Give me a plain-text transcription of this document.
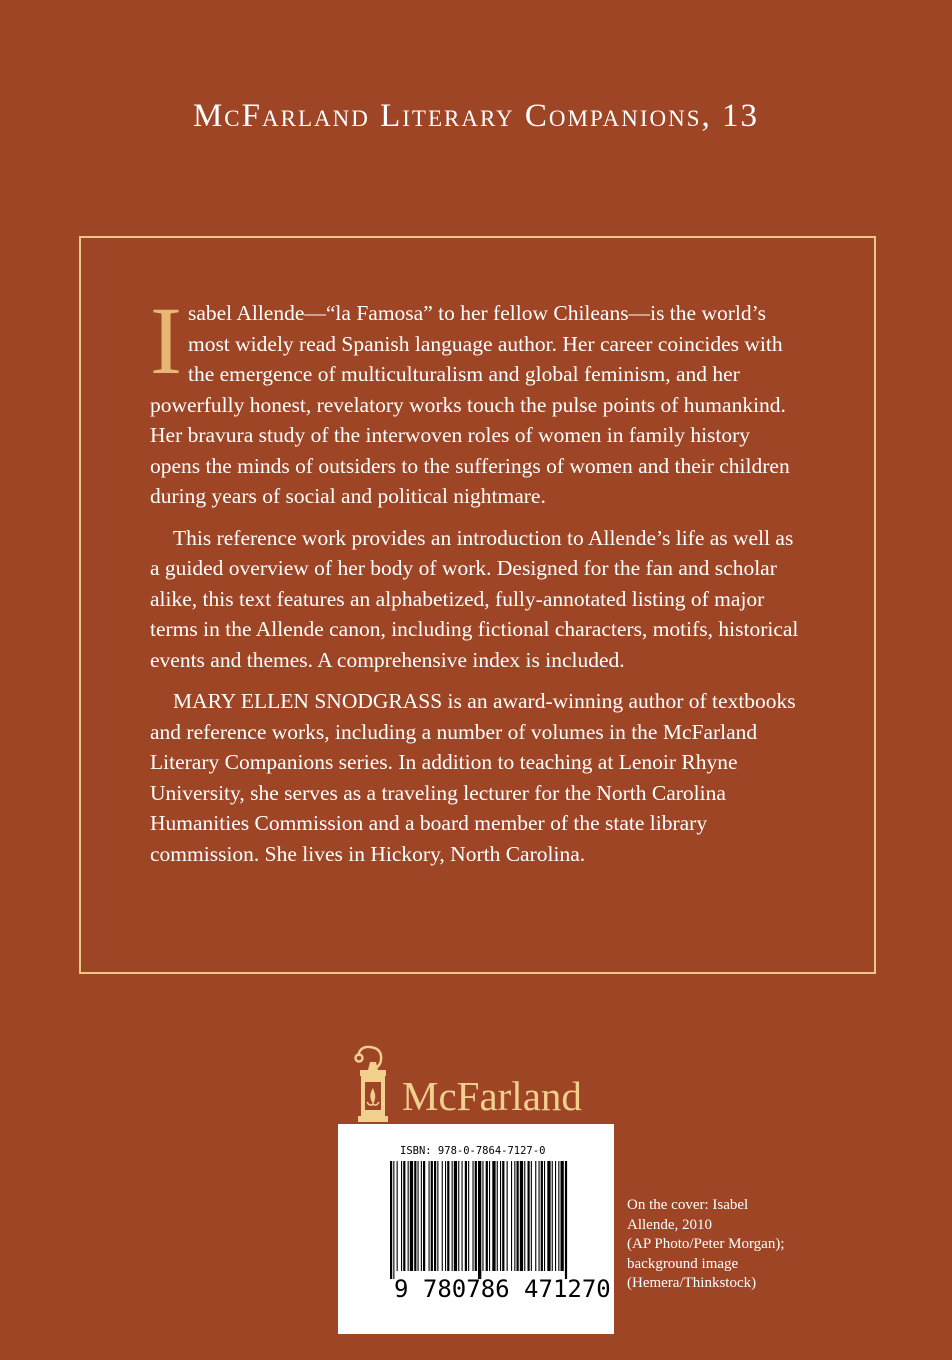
McFarland Literary Companions, 13

Isabel Allende—“la Famosa” to her fellow Chileans—is the world’s most widely read Spanish language author. Her career coincides with the emergence of multiculturalism and global feminism, and her powerfully honest, revelatory works touch the pulse points of humankind. Her bravura study of the interwoven roles of women in family history opens the minds of outsiders to the sufferings of women and their children during years of social and political nightmare.

This reference work provides an introduction to Allende’s life as well as a guided overview of her body of work. Designed for the fan and scholar alike, this text features an alphabetized, fully-annotated listing of major terms in the Allende canon, including fictional characters, motifs, historical events and themes. A comprehensive index is included.

MARY ELLEN SNODGRASS is an award-winning author of textbooks and reference works, including a number of volumes in the McFarland Literary Companions series. In addition to teaching at Lenoir Rhyne University, she serves as a traveling lecturer for the North Carolina Humanities Commission and a board member of the state library commission. She lives in Hickory, North Carolina.

McFarland
ISBN: 978-0-7864-7127-0
9 780786 471270
On the cover: Isabel
Allende, 2010
(AP Photo/Peter Morgan);
background image
(Hemera/Thinkstock)
